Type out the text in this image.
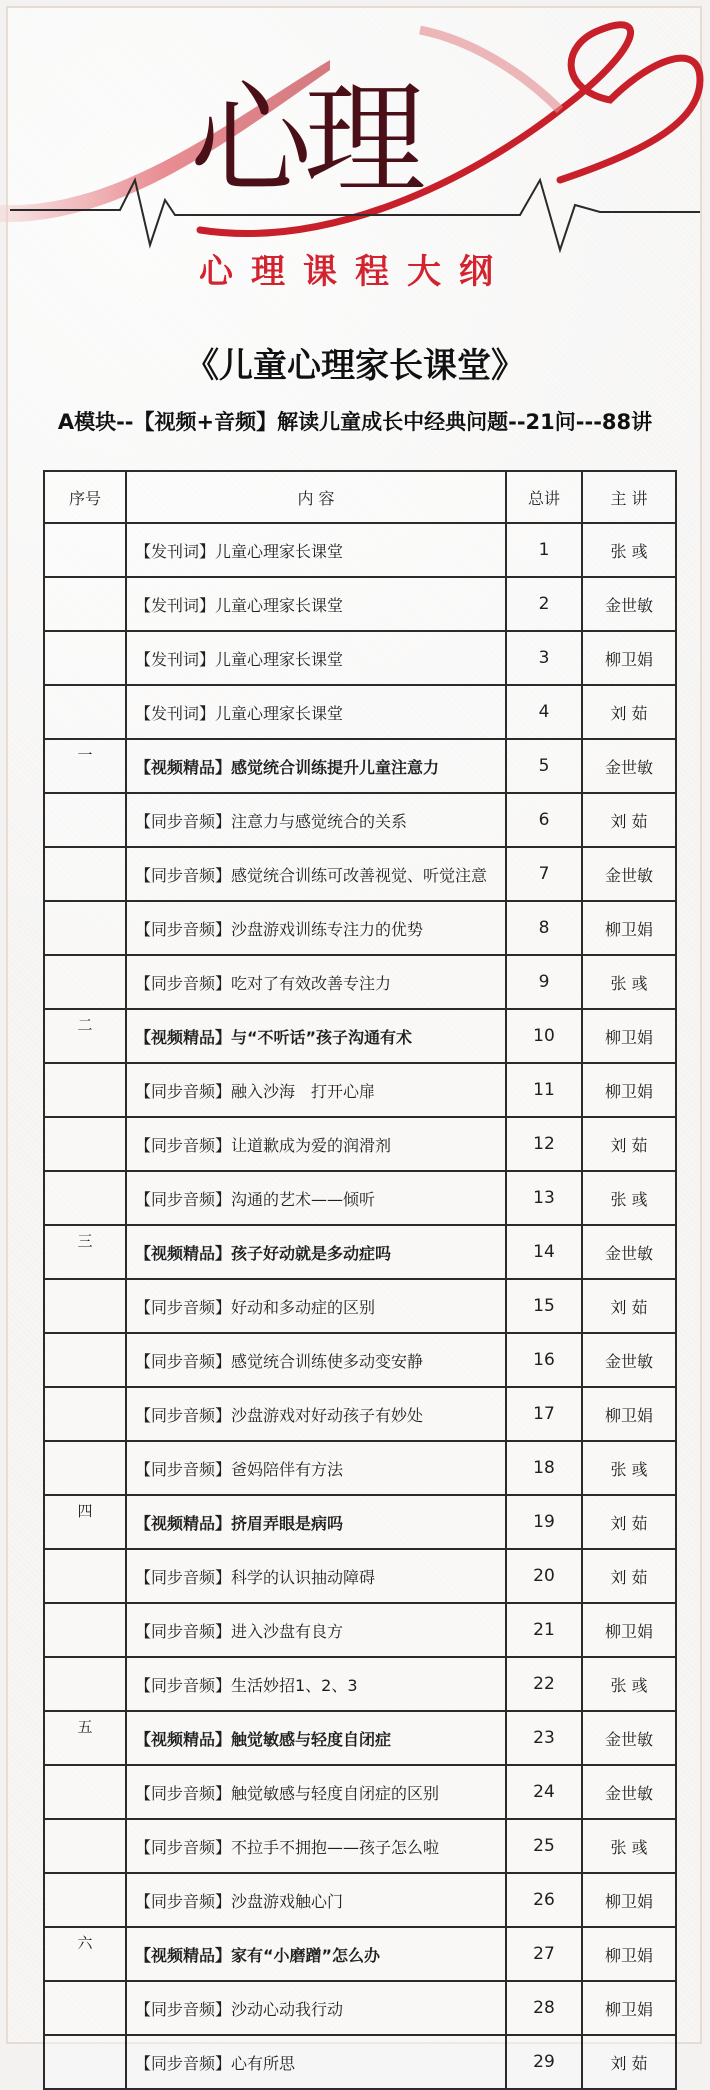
心理
心理课程大纲
《儿童心理家长课堂》
A模块--【视频+音频】解读儿童成长中经典问题--21问---88讲
序号	内 容	总讲	主 讲
	【发刊词】儿童心理家长课堂	1	张 彧
	【发刊词】儿童心理家长课堂	2	金世敏
	【发刊词】儿童心理家长课堂	3	柳卫娟
	【发刊词】儿童心理家长课堂	4	刘 茹
一	【视频精品】感觉统合训练提升儿童注意力	5	金世敏
	【同步音频】注意力与感觉统合的关系	6	刘 茹
	【同步音频】感觉统合训练可改善视觉、听觉注意	7	金世敏
	【同步音频】沙盘游戏训练专注力的优势	8	柳卫娟
	【同步音频】吃对了有效改善专注力	9	张 彧
二	【视频精品】与“不听话”孩子沟通有术	10	柳卫娟
	【同步音频】融入沙海　打开心扉	11	柳卫娟
	【同步音频】让道歉成为爱的润滑剂	12	刘 茹
	【同步音频】沟通的艺术——倾听	13	张 彧
三	【视频精品】孩子好动就是多动症吗	14	金世敏
	【同步音频】好动和多动症的区别	15	刘 茹
	【同步音频】感觉统合训练使多动变安静	16	金世敏
	【同步音频】沙盘游戏对好动孩子有妙处	17	柳卫娟
	【同步音频】爸妈陪伴有方法	18	张 彧
四	【视频精品】挤眉弄眼是病吗	19	刘 茹
	【同步音频】科学的认识抽动障碍	20	刘 茹
	【同步音频】进入沙盘有良方	21	柳卫娟
	【同步音频】生活妙招1、2、3	22	张 彧
五	【视频精品】触觉敏感与轻度自闭症	23	金世敏
	【同步音频】触觉敏感与轻度自闭症的区别	24	金世敏
	【同步音频】不拉手不拥抱——孩子怎么啦	25	张 彧
	【同步音频】沙盘游戏触心门	26	柳卫娟
六	【视频精品】家有“小磨蹭”怎么办	27	柳卫娟
	【同步音频】沙动心动我行动	28	柳卫娟
	【同步音频】心有所思	29	刘 茹
